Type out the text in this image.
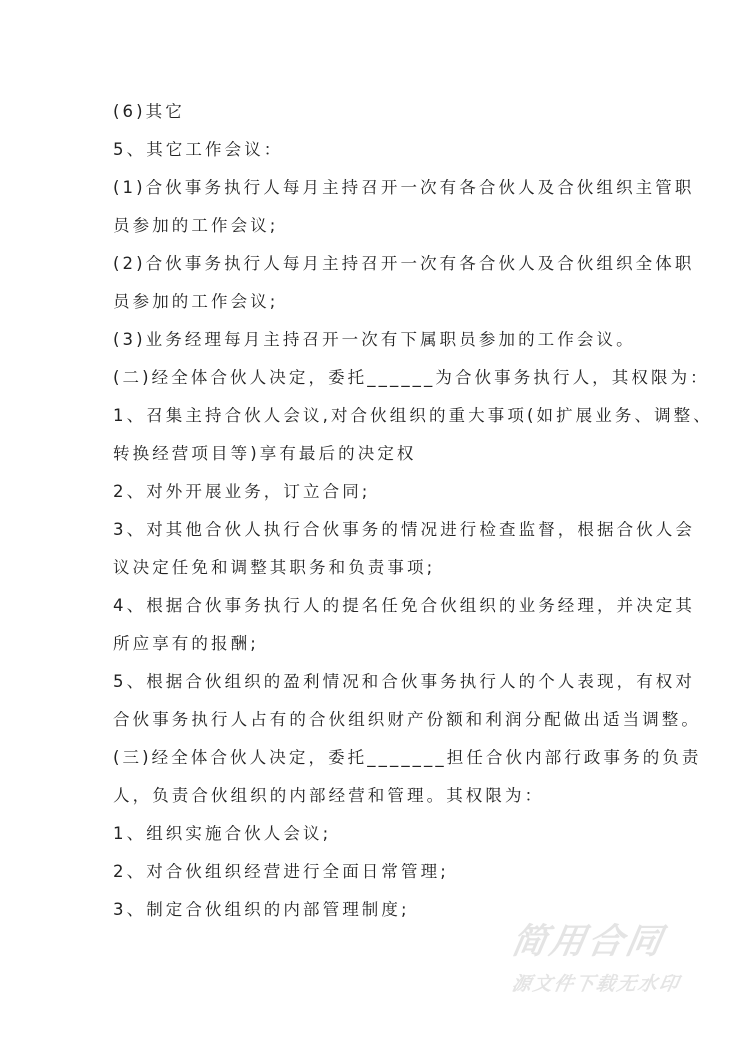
(6)其它
5、其它工作会议：
(1)合伙事务执行人每月主持召开一次有各合伙人及合伙组织主管职
员参加的工作会议;
(2)合伙事务执行人每月主持召开一次有各合伙人及合伙组织全体职
员参加的工作会议;
(3)业务经理每月主持召开一次有下属职员参加的工作会议。
(二)经全体合伙人决定，委托______为合伙事务执行人，其权限为：
1、召集主持合伙人会议,对合伙组织的重大事项(如扩展业务、调整、
转换经营项目等)享有最后的决定权
2、对外开展业务，订立合同;
3、对其他合伙人执行合伙事务的情况进行检查监督，根据合伙人会
议决定任免和调整其职务和负责事项;
4、根据合伙事务执行人的提名任免合伙组织的业务经理，并决定其
所应享有的报酬;
5、根据合伙组织的盈利情况和合伙事务执行人的个人表现，有权对
合伙事务执行人占有的合伙组织财产份额和利润分配做出适当调整。
(三)经全体合伙人决定，委托_______担任合伙内部行政事务的负责
人，负责合伙组织的内部经营和管理。其权限为：
1、组织实施合伙人会议;
2、对合伙组织经营进行全面日常管理;
3、制定合伙组织的内部管理制度;
简用合同
源文件下载无水印
